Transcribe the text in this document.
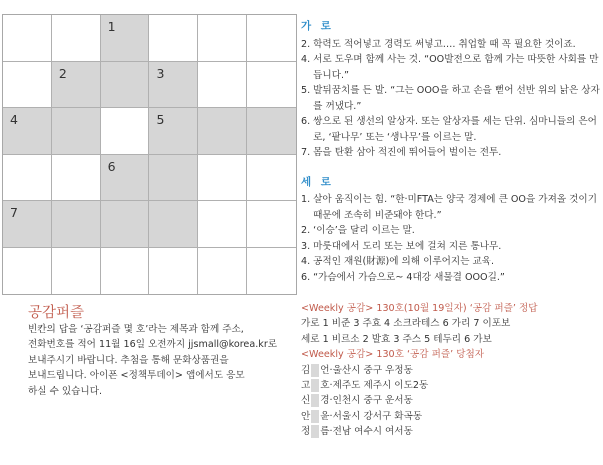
1
2	3
4	5
6
7
가 로
2. 학력도 적어넣고 경력도 써넣고…. 취업할 때 꼭 필요한 것이죠.
4. 서로 도우며 함께 사는 것. “OO발전으로 함께 가는 따뜻한 사회를 만듭니다.”
5. 발뒤꿈치를 든 발. “그는 OOO을 하고 손을 뻗어 선반 위의 낡은 상자를 꺼냈다.”
6. 쌍으로 된 생선의 알상자. 또는 알상자를 세는 단위. 심마니들의 은어로, ‘팥나무’ 또는 ‘생나무’를 이르는 말.
7. 몸을 탄환 삼아 적진에 뛰어들어 벌이는 전투.
세 로
1. 살아 움직이는 힘. “한·미FTA는 양국 경제에 큰 OO을 가져올 것이기 때문에 조속히 비준돼야 한다.”
2. ‘이승’을 달리 이르는 말.
3. 마룻대에서 도리 또는 보에 걸쳐 지른 통나무.
4. 공적인 재원(財源)에 의해 이루어지는 교육.
6. “가슴에서 가슴으로~ 4대강 새물결 OOO길.”
공감퍼즐
빈칸의 답을 ‘공감퍼즐 몇 호’라는 제목과 함께 주소,
전화번호를 적어 11월 16일 오전까지 jjsmall@korea.kr로
보내주시기 바랍니다. 추첨을 통해 문화상품권을
보내드립니다. 아이폰 <정책투데이> 앱에서도 응모
하실 수 있습니다.
<Weekly 공감> 130호(10월 19일자) ‘공감 퍼즐’ 정답
가로 1 비준 3 주효 4 소크라테스 6 가리 7 이포보
세로 1 비르소 2 발효 3 주스 5 테두리 6 가보
<Weekly 공감> 130호 ‘공감 퍼즐’ 당첨자
김 언·울산시 중구 우정동
고 호·제주도 제주시 이도2동
신 경·인천시 중구 운서동
안 윤·서울시 강서구 화곡동
정 름·전남 여수시 여서동
